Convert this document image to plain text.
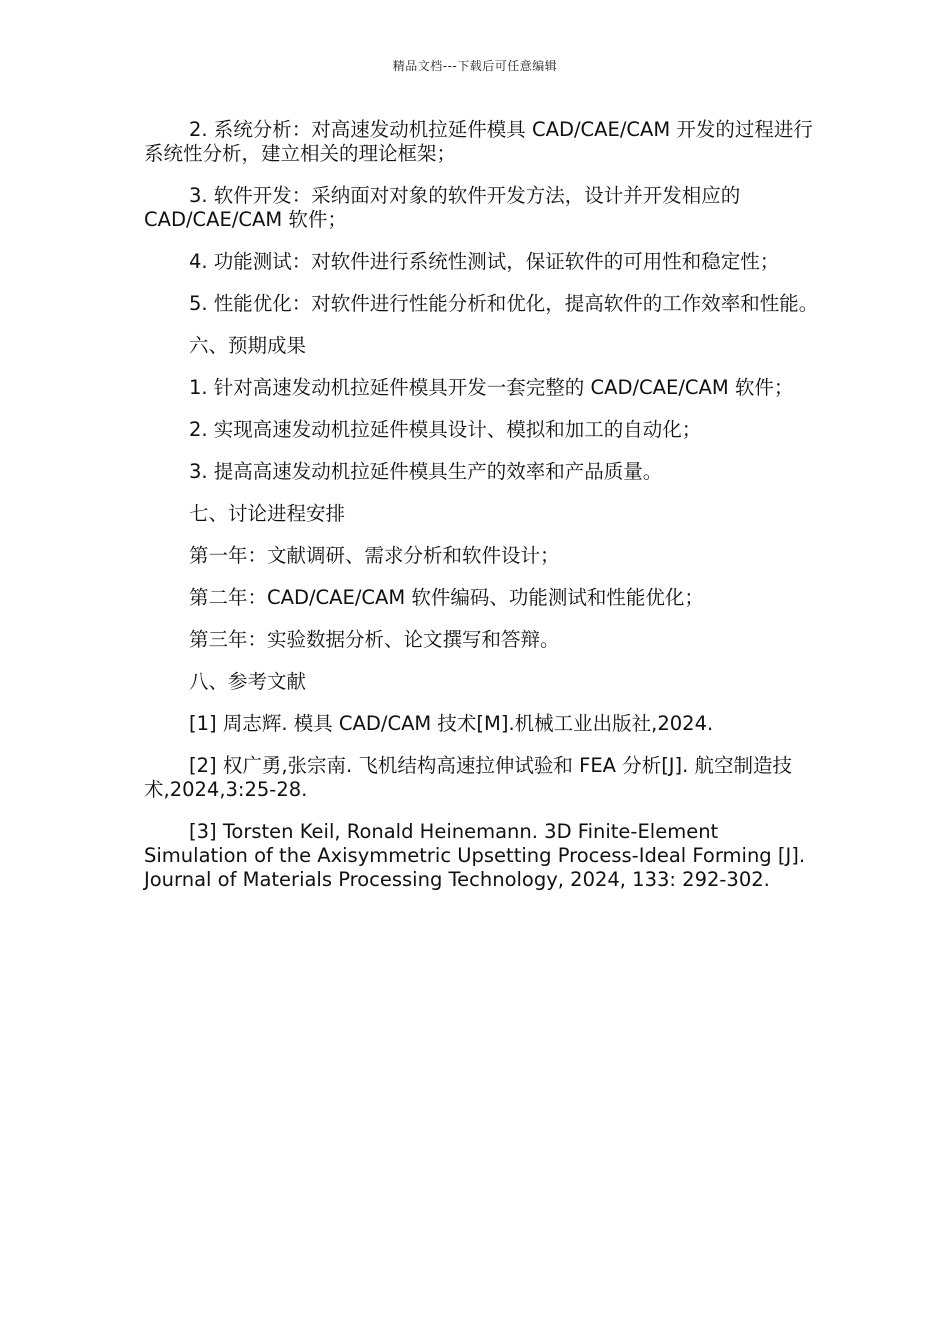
精品文档---下载后可任意编辑

2. 系统分析：对高速发动机拉延件模具 CAD/CAE/CAM 开发的过程进行系统性分析，建立相关的理论框架；

3. 软件开发：采纳面对对象的软件开发方法，设计并开发相应的 CAD/CAE/CAM 软件；

4. 功能测试：对软件进行系统性测试，保证软件的可用性和稳定性；

5. 性能优化：对软件进行性能分析和优化，提高软件的工作效率和性能。

六、预期成果

1. 针对高速发动机拉延件模具开发一套完整的 CAD/CAE/CAM 软件；

2. 实现高速发动机拉延件模具设计、模拟和加工的自动化；

3. 提高高速发动机拉延件模具生产的效率和产品质量。

七、讨论进程安排

第一年：文献调研、需求分析和软件设计；

第二年：CAD/CAE/CAM 软件编码、功能测试和性能优化；

第三年：实验数据分析、论文撰写和答辩。

八、参考文献

[1] 周志辉. 模具 CAD/CAM 技术[M].机械工业出版社,2024.

[2] 权广勇,张宗南. 飞机结构高速拉伸试验和 FEA 分析[J]. 航空制造技术,2024,3:25-28.

[3] Torsten Keil, Ronald Heinemann. 3D Finite-Element Simulation of the Axisymmetric Upsetting Process-Ideal Forming [J]. Journal of Materials Processing Technology, 2024, 133: 292-302.
